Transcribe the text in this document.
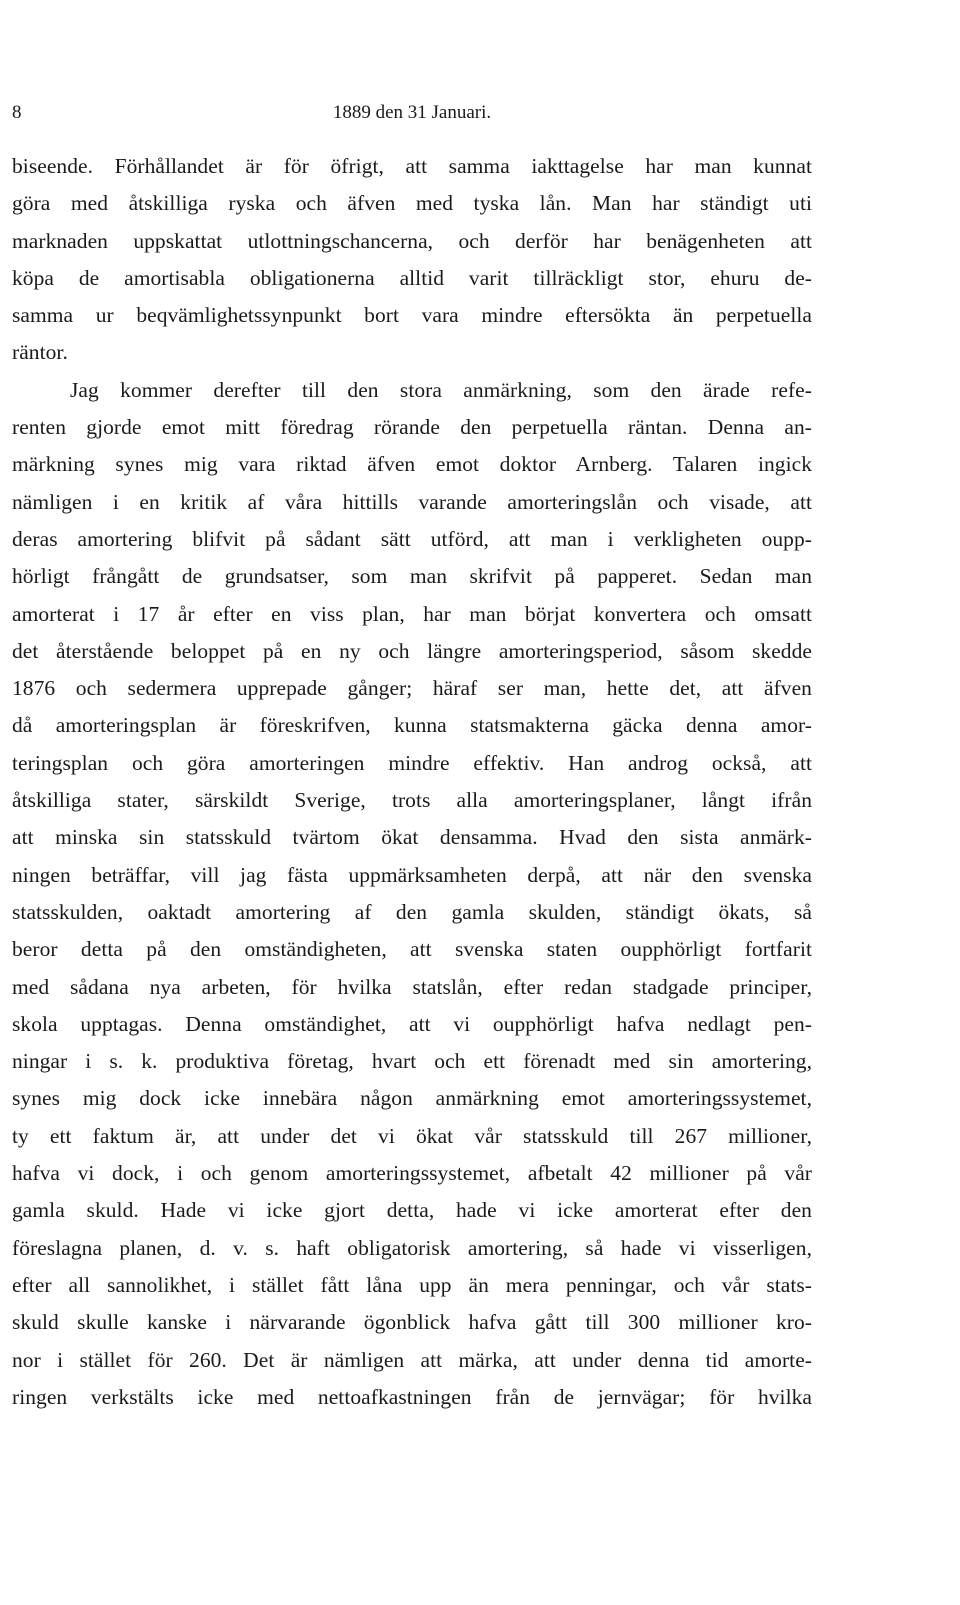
8	1889 den 31 Januari.
biseende. Förhållandet är för öfrigt, att samma iakttagelse har man kunnat
göra med åtskilliga ryska och äfven med tyska lån. Man har ständigt uti
marknaden uppskattat utlottningschancerna, och derför har benägenheten att
köpa de amortisabla obligationerna alltid varit tillräckligt stor, ehuru de-
samma ur beqvämlighetssynpunkt bort vara mindre eftersökta än perpetuella
räntor.
Jag kommer derefter till den stora anmärkning, som den ärade refe-
renten gjorde emot mitt föredrag rörande den perpetuella räntan. Denna an-
märkning synes mig vara riktad äfven emot doktor Arnberg. Talaren ingick
nämligen i en kritik af våra hittills varande amorteringslån och visade, att
deras amortering blifvit på sådant sätt utförd, att man i verkligheten oupp-
hörligt frångått de grundsatser, som man skrifvit på papperet. Sedan man
amorterat i 17 år efter en viss plan, har man börjat konvertera och omsatt
det återstående beloppet på en ny och längre amorteringsperiod, såsom skedde
1876 och sedermera upprepade gånger; häraf ser man, hette det, att äfven
då amorteringsplan är föreskrifven, kunna statsmakterna gäcka denna amor-
teringsplan och göra amorteringen mindre effektiv. Han androg också, att
åtskilliga stater, särskildt Sverige, trots alla amorteringsplaner, långt ifrån
att minska sin statsskuld tvärtom ökat densamma. Hvad den sista anmärk-
ningen beträffar, vill jag fästa uppmärksamheten derpå, att när den svenska
statsskulden, oaktadt amortering af den gamla skulden, ständigt ökats, så
beror detta på den omständigheten, att svenska staten oupphörligt fortfarit
med sådana nya arbeten, för hvilka statslån, efter redan stadgade principer,
skola upptagas. Denna omständighet, att vi oupphörligt hafva nedlagt pen-
ningar i s. k. produktiva företag, hvart och ett förenadt med sin amortering,
synes mig dock icke innebära någon anmärkning emot amorteringssystemet,
ty ett faktum är, att under det vi ökat vår statsskuld till 267 millioner,
hafva vi dock, i och genom amorteringssystemet, afbetalt 42 millioner på vår
gamla skuld. Hade vi icke gjort detta, hade vi icke amorterat efter den
föreslagna planen, d. v. s. haft obligatorisk amortering, så hade vi visserligen,
efter all sannolikhet, i stället fått låna upp än mera penningar, och vår stats-
skuld skulle kanske i närvarande ögonblick hafva gått till 300 millioner kro-
nor i stället för 260. Det är nämligen att märka, att under denna tid amorte-
ringen verkstälts icke med nettoafkastningen från de jernvägar; för hvilka
